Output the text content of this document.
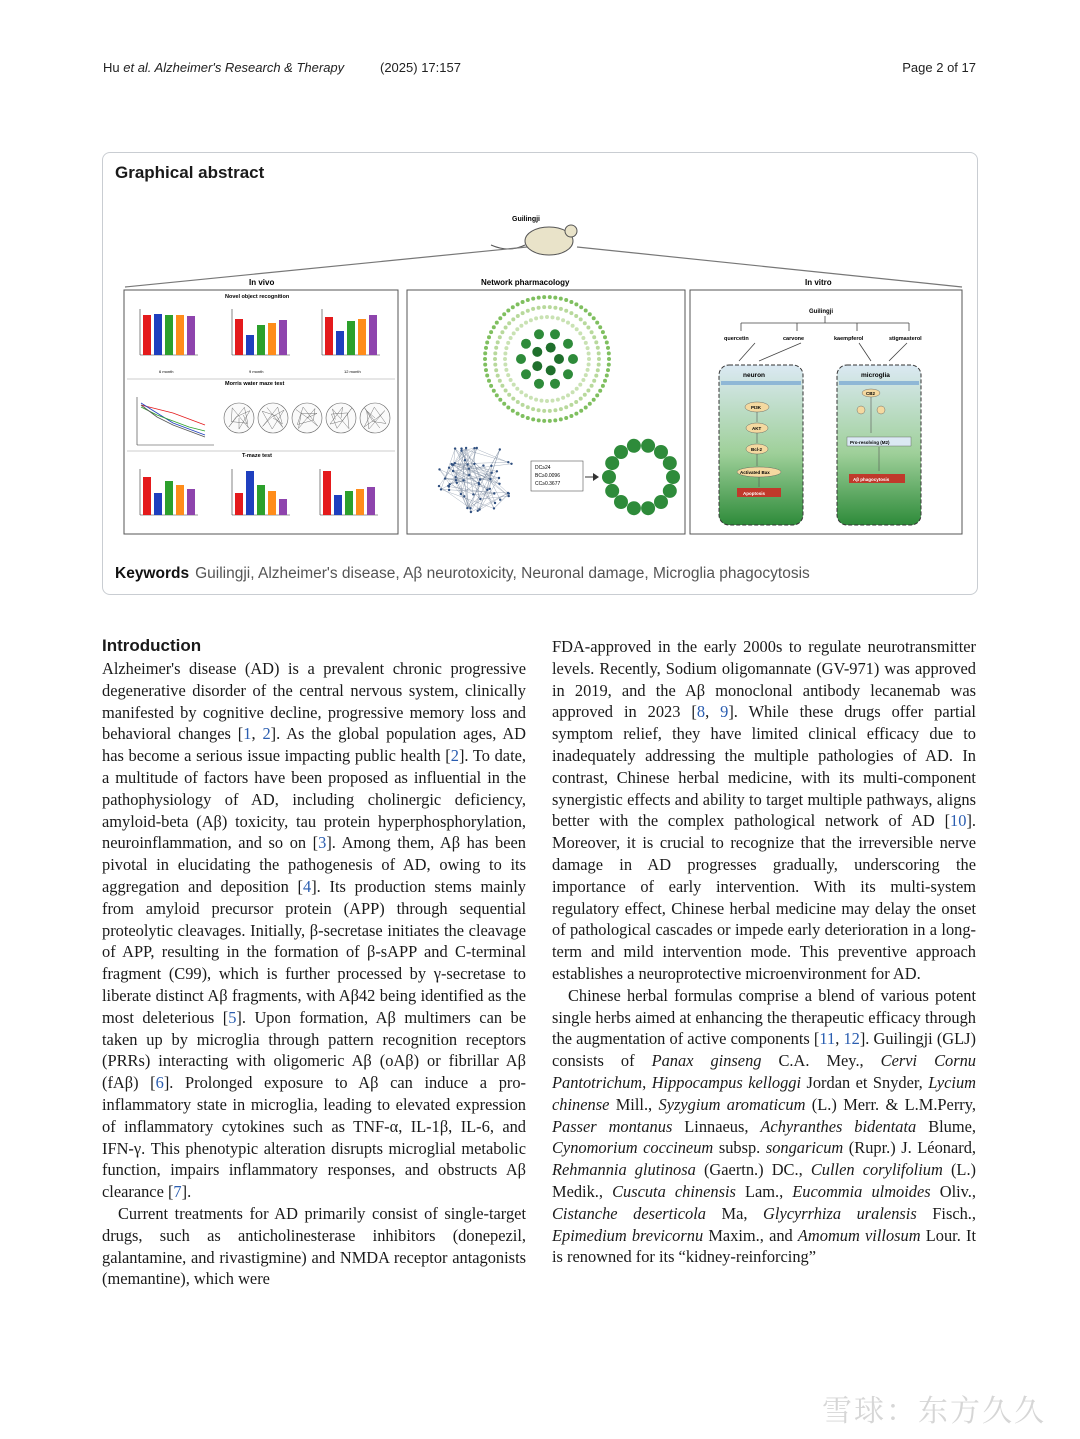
Hu et al. Alzheimer's Research & Therapy	(2025) 17:157	Page 2 of 17
Graphical abstract
Guilingji
In vivo	Network pharmacology	In vitro
Novel object recognition
6 month	9 month	12 month
Morris water maze test
T-maze test
DC≥24
BC≥0.0096
CC≥0.3677
Guilingji
quercetin	carvone	kaempferol	stigmasterol
neuron
PI3K
AKT
Bcl-2
Activated Bax
Apoptosis
microglia
CB2
Pro-resolving (M2)
Aβ phagocytosis
Keywords Guilingji, Alzheimer's disease, Aβ neurotoxicity, Neuronal damage, Microglia phagocytosis
Introduction

Alzheimer's disease (AD) is a prevalent chronic progressive degenerative disorder of the central nervous system, clinically manifested by cognitive decline, progressive memory loss and behavioral changes [1, 2]. As the global population ages, AD has become a serious issue impacting public health [2]. To date, a multitude of factors have been proposed as influential in the pathophysiology of AD, including cholinergic deficiency, amyloid-beta (Aβ) toxicity, tau protein hyperphosphorylation, neuroinflammation, and so on [3]. Among them, Aβ has been pivotal in elucidating the pathogenesis of AD, owing to its aggregation and deposition [4]. Its production stems mainly from amyloid precursor protein (APP) through sequential proteolytic cleavages. Initially, β-secretase initiates the cleavage of APP, resulting in the formation of β-sAPP and C-terminal fragment (C99), which is further processed by γ-secretase to liberate distinct Aβ fragments, with Aβ42 being identified as the most deleterious [5]. Upon formation, Aβ multimers can be taken up by microglia through pattern recognition receptors (PRRs) interacting with oligomeric Aβ (oAβ) or fibrillar Aβ (fAβ) [6]. Prolonged exposure to Aβ can induce a pro-inflammatory state in microglia, leading to elevated expression of inflammatory cytokines such as TNF-α, IL-1β, IL-6, and IFN-γ. This phenotypic alteration disrupts microglial metabolic function, impairs inflammatory responses, and obstructs Aβ clearance [7].

Current treatments for AD primarily consist of single-target drugs, such as anticholinesterase inhibitors (donepezil, galantamine, and rivastigmine) and NMDA receptor antagonists (memantine), which were

FDA-approved in the early 2000s to regulate neurotransmitter levels. Recently, Sodium oligomannate (GV-971) was approved in 2019, and the Aβ monoclonal antibody lecanemab was approved in 2023 [8, 9]. While these drugs offer partial symptom relief, they have limited clinical efficacy due to inadequately addressing the multiple pathologies of AD. In contrast, Chinese herbal medicine, with its multi-component synergistic effects and ability to target multiple pathways, aligns better with the complex pathological network of AD [10]. Moreover, it is crucial to recognize that the irreversible nerve damage in AD progresses gradually, underscoring the importance of early intervention. With its multi-system regulatory effect, Chinese herbal medicine may delay the onset of pathological cascades or impede early deterioration in a long-term and mild intervention mode. This preventive approach establishes a neuroprotective microenvironment for AD.

Chinese herbal formulas comprise a blend of various potent single herbs aimed at enhancing the therapeutic efficacy through the augmentation of active components [11, 12]. Guilingji (GLJ) consists of Panax ginseng C.A. Mey., Cervi Cornu Pantotrichum, Hippocampus kelloggi Jordan et Snyder, Lycium chinense Mill., Syzygium aromaticum (L.) Merr. & L.M.Perry, Passer montanus Linnaeus, Achyranthes bidentata Blume, Cynomorium coccineum subsp. songaricum (Rupr.) J. Léonard, Rehmannia glutinosa (Gaertn.) DC., Cullen corylifolium (L.) Medik., Cuscuta chinensis Lam., Eucommia ulmoides Oliv., Cistanche deserticola Ma, Glycyrrhiza uralensis Fisch., Epimedium brevicornu Maxim., and Amomum villosum Lour. It is renowned for its “kidney-reinforcing”

雪球：东方久久
